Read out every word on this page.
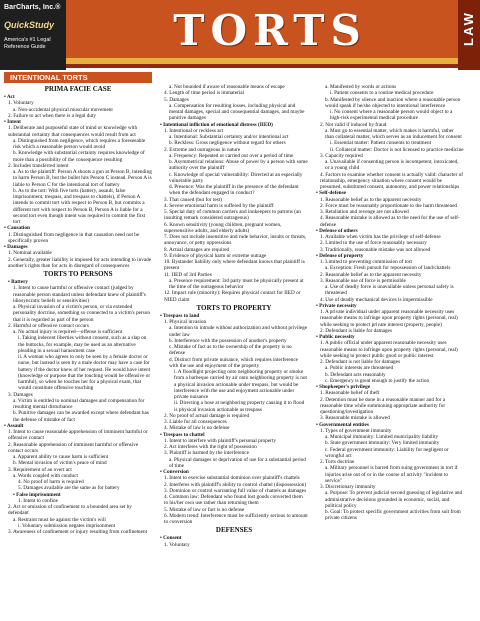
BarCharts, Inc.®
QuickStudy
America's #1 Legal Reference Guide	TORTS	LAW
INTENTIONAL TORTS
PRIMA FACIE CASE
• Act
1. Voluntary
a. Non-accidental physical muscular movement
2. Failure to act when there is a legal duty
• Intent
1. Deliberate and purposeful state of mind or knowledge with substantial certainty that consequences would result from act
a. Distinguished from negligence, which requires a foreseeable risk which a reasonable person would avoid
b. Knowledge with substantial certainty requires knowledge of more than a possibility of the consequence resulting
2. Includes transferred intent
a. As to the plaintiff: Person A shoots a gun at Person B, intending to harm Person B, but the bullet hits Person C instead. Person A is liable to Person C for the intentional tort of battery
b. As to the tort: With five torts (battery, assault, false imprisonment, trespass, and trespass to chattels), if Person A intends to commit tort with respect to Person B, but commits a different tort with respect to Person B, Person A is liable for a second tort even though intent was required to commit the first tort
• Causation
1. Distinguished from negligence in that causation need not be specifically proven
• Damages
1. Nominal available
2. Generally, greater liability is imposed for acts intending to invade another's rights than for acts in disregard of consequences
TORTS TO PERSONS
• Battery
1. Intent to cause harmful or offensive contact (judged by reasonable person standard unless defendant knew of plaintiff's idiosyncratic beliefs or sensitivities)
a. Physical invasion of a victim's person, or via extended personality doctrine, something so connected to a victim's person that it is regarded as part of the person
2. Harmful or offensive contact occurs
a. No actual injury is required—offense is sufficient
i. Taking indecent liberties without consent, such as a slap on the buttocks, for example, may be used as an alternative pleading in a sexual harassment case
ii. A woman who agrees to only be seen by a female doctor or nurse, but instead is seen by a male doctor may have a case for battery if the doctor knew of her request. He would have intent (knowledge or purpose that the touching would be offensive or harmful), so when he touches her for a physical exam, that would constitute offensive touching
3. Damages
a. Victim is entitled to nominal damages and compensation for resulting mental disturbance
b. Punitive damages can be awarded except where defendant has the defense of mistake of fact
• Assault
1. Intent to cause reasonable apprehension of imminent harmful or offensive contact
2. Reasonable apprehension of imminent harmful or offensive contact occurs
a. Apparent ability to cause harm is sufficient
b. Mental invasion of victim's peace of mind
3. Requirement of an overt act
a. Words coupled with conduct
4. No proof of harm is required
5. Damages available are the same as for battery
• False imprisonment
1. Intent to confine
2. Act or omission of confinement to a bounded area set by defendant
a. Restraint must be against the victim's will
i. Voluntary submission negates imprisonment
3. Awareness of confinement or injury resulting from confinement
a. Not bounded if aware of reasonable means of escape
4. Length of time period is immaterial
5. Damages
a. Compensation for resulting losses, including physical and mental damages, special and consequential damages, and maybe punitive damages
• Intentional infliction of emotional distress (IIED)
1. Intentional or reckless act
a. Intentional: Substantial certainty and/or intentional act
b. Reckless: Gross negligence without regard for others
2. Extreme and outrageous in nature
a. Frequency: Repeated or carried out over a period of time
b. Asymmetrical relations: Abuse of power by a person with some authority over the plaintiff
c. Knowledge of special vulnerability: Directed at an especially vulnerable party
d. Presence: Was the plaintiff in the presence of the defendant when the defendant engaged in conduct?
3. That caused (but for test)
4. Severe emotional harm is suffered by the plaintiff
5. Special duty of common carriers and innkeepers to patrons (an insulting remark considered outrageous)
6. Known sensitivity (young children, pregnant women, supersensitive adults, and elderly adults)
7. Does not include insensitive and rude behavior, insults or threats, annoyance, or petty oppressions
8. Actual damages are required
9. Evidence of physical harm or extreme outrage
10. Bystander liability only where defendant knows that plaintiff is present
11. IIED of 3rd Parties
a. Presence requirement: 3rd party must be physically present at the time of the outrageous behavior
12. Impact rule (minority): Requires physical contact for IIED or NIED claim
TORTS TO PROPERTY
• Trespass to land
1. Physical invasion
a. Intention to intrude without authorization and without privilege under law
b. Interference with the possession of another's property
c. Mistake of fact as to the ownership of the property is no defense
d. Distinct from private nuisance, which requires interference with the use and enjoyment of the property
i. A floodlight projecting onto neighboring property or smoke from a barbeque carried by air onto neighboring property is not a physical invasion actionable under trespass, but would be interference with the use and enjoyment actionable under private nuisance
ii. Directing a hose at neighboring property causing it to flood is physical invasion actionable as trespass
2. No proof of actual damage is required
3. Liable for all consequences
4. Mistake of law is no defense
• Trespass to chattel
1. Intent to interfere with plaintiff's personal property
2. Act interferes with the right of possession
3. Plaintiff is harmed by the interference
a. Physical damages or deprivation of use for a substantial period of time
• Conversion
1. Intent to exercise substantial dominion over plaintiff's chattels
2. Interferes with plaintiff's ability to control chattel (dispossession)
3. Dominion or control warranting full value of chattels as damages
4. Common law: Defendant who found lost goods converted them to his/her own use rather than returning them
5. Mistake of law or fact is no defense
6. Modern trend: Interference must be sufficiently serious to amount to conversion
DEFENSES
• Consent
1. Voluntary
a. Manifested by words or actions
i. Patient consents to a routine medical procedure
b. Manifested by silence and inaction where a reasonable person would speak if he/she objected to intentional interference
i. No consent where a reasonable person would object to a high-risk experimental medical procedure
2. Not valid if induced by fraud
a. Must go to essential matter, which makes it harmful, rather than collateral matter, which serves as an inducement for consent
i. Essential matter: Patient consents to treatment
ii. Collateral matter: Doctor is not licensed to practice medicine
3. Capacity required
a. Unavailable if consenting person is incompetent, intoxicated, or a young child
4. Factors to examine whether consent is actually valid: character of relationship, emergency situation where consent would be presumed, substituted consent, autonomy, and power relationships
• Self-defense
1. Reasonable belief as to the apparent necessity
2. Force must be reasonably proportionate to the harm threatened
3. Retaliation and revenge are not allowed
4. Reasonable mistake is allowed as to the need for the use of self-defense
• Defense of others
1. Available when victim has the privilege of self-defense
2. Limited to the use of force reasonably necessary
3. Traditionally, reasonable mistake was not allowed
• Defense of property
1. Limited to preventing commission of tort
a. Exception: Fresh pursuit for repossession of land/chattels
2. Reasonable belief as to the apparent necessity
3. Reasonable use of force is permissible
a. Use of deadly force is unavailable unless personal safety is threatened
4. Use of deadly mechanical devices is impermissible
• Private necessity
1. A private individual under apparent reasonable necessity uses reasonable means to infringe upon property rights (personal, real) while seeking to protect private interest (property, people)
2. Defendant is liable for damages
• Public necessity
1. A public official under apparent reasonable necessity uses reasonable means to infringe upon property rights (personal, real) while seeking to protect public good or public interest
2. Defendant is not liable for damages
a. Public interests are threatened
b. Defendant acts reasonably
c. Emergency is great enough to justify the action
• Shopkeeper's privilege
1. Reasonable belief of theft
2. Detention must be done in a reasonable manner and for a reasonable time while summoning appropriate authority for questioning/investigation
3. Reasonable mistake is allowed
• Governmental entities
1. Types of government immunity
a. Municipal immunity: Limited municipality liability
b. State government immunity: Very limited immunity
c. Federal government immunity: Liability for negligent or wrongful act
2. Torts doctrine
a. Military personnel is barred from suing government in tort if injuries arise out of or in the course of activity "incident to service"
3. Discretionary immunity
a. Purpose: To prevent judicial second guessing of legislative and administrative decisions grounded in economic, social, and political policy
b. Goal: To protect specific government activities from suit from private citizens
